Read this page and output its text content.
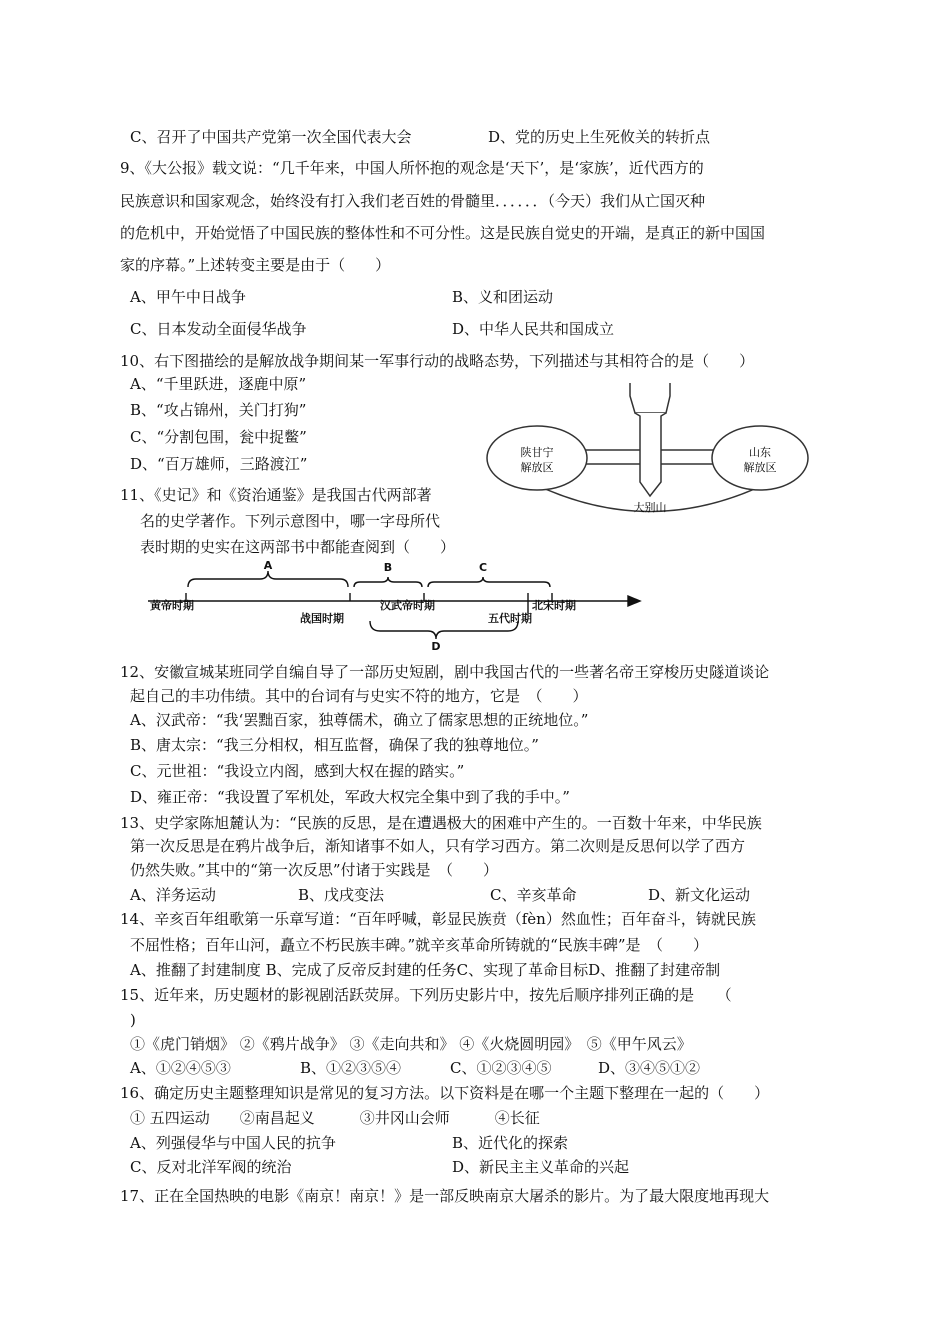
C、召开了中国共产党第一次全国代表大会	D、党的历史上生死攸关的转折点
9、《大公报》载文说：“几千年来，中国人所怀抱的观念是‘天下’，是‘家族’，近代西方的
民族意识和国家观念，始终没有打入我们老百姓的骨髓里．．．．．．（今天）我们从亡国灭种
的危机中，开始觉悟了中国民族的整体性和不可分性。这是民族自觉史的开端，是真正的新中国国
家的序幕。”上述转变主要是由于（　　）
A、甲午中日战争	B、义和团运动
C、日本发动全面侵华战争	D、中华人民共和国成立
10、右下图描绘的是解放战争期间某一军事行动的战略态势，下列描述与其相符合的是（　　）
A、“千里跃进，逐鹿中原”
B、“攻占锦州，关门打狗”
C、“分割包围，瓮中捉鳖”
D、“百万雄师，三路渡江”
陕甘宁
解放区
山东
解放区
大别山
11、《史记》和《资治通鉴》是我国古代两部著
名的史学著作。下列示意图中，哪一字母所代
表时期的史实在这两部书中都能查阅到（　　）
A	B	C
D
黄帝时期
战国时期
汉武帝时期
五代时期
北宋时期
12、安徽宣城某班同学自编自导了一部历史短剧，剧中我国古代的一些著名帝王穿梭历史隧道谈论
起自己的丰功伟绩。其中的台词有与史实不符的地方，它是　（　　）
A、汉武帝：“我‘罢黜百家，独尊儒术，确立了儒家思想的正统地位。”
B、唐太宗：“我三分相权，相互监督，确保了我的独尊地位。”
C、元世祖：“我设立内阁，感到大权在握的踏实。”
D、雍正帝：“我设置了军机处，军政大权完全集中到了我的手中。”
13、史学家陈旭麓认为：“民族的反思，是在遭遇极大的困难中产生的。一百数十年来，中华民族
第一次反思是在鸦片战争后，渐知诸事不如人，只有学习西方。第二次则是反思何以学了西方
仍然失败。”其中的“第一次反思”付诸于实践是　（　　）
A、洋务运动	B、戊戌变法	C、辛亥革命	D、新文化运动
14、辛亥百年组歌第一乐章写道：“百年呼喊，彰显民族贲（fèn）然血性；百年奋斗，铸就民族
不屈性格；百年山河，矗立不朽民族丰碑。”就辛亥革命所铸就的“民族丰碑”是　（　　）
A、推翻了封建制度 B、完成了反帝反封建的任务C、实现了革命目标D、推翻了封建帝制
15、近年来，历史题材的影视剧活跃荧屏。下列历史影片中，按先后顺序排列正确的是　　（
)
①《虎门销烟》 ②《鸦片战争》 ③《走向共和》 ④《火烧圆明园》　⑤《甲午风云》
A、①②④⑤③	B、①②③⑤④	C、①②③④⑤	D、③④⑤①②
16、确定历史主题整理知识是常见的复习方法。以下资料是在哪一个主题下整理在一起的（　　）
① 五四运动　　②南昌起义　　　③井冈山会师　　　④长征
A、列强侵华与中国人民的抗争	B、近代化的探索
C、反对北洋军阀的统治	D、新民主主义革命的兴起
17、正在全国热映的电影《南京！南京！》是一部反映南京大屠杀的影片。为了最大限度地再现大
